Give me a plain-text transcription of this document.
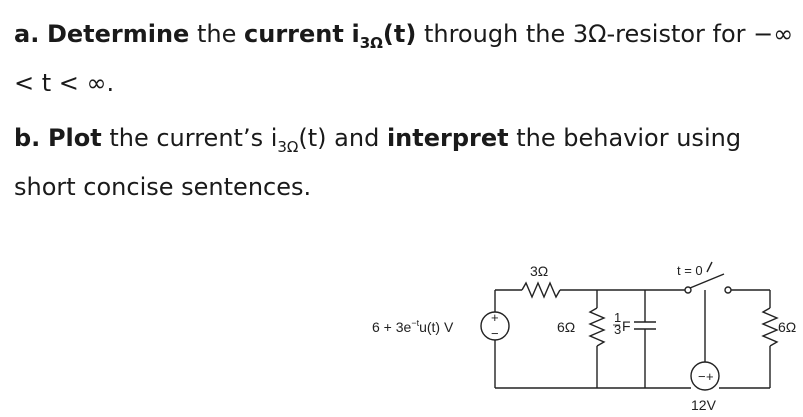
a. Determine the current $i_{3\Omega}(t)$ through the 3Ω-resistor for −∞ < t < ∞.

b. Plot the current’s $i_{3\Omega}(t)$ and interpret the behavior using short concise sentences.

3Ω	t = 0
$6 + 3e^{-t}u(t)$ V
+
−	6Ω
1
3 F	6Ω
− +
12V
